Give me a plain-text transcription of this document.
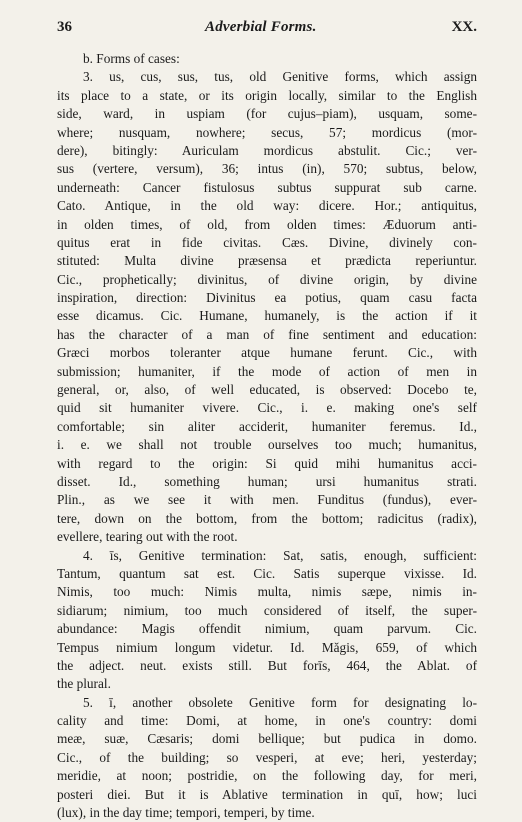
36	Adverbial Forms.	XX.
b. Forms of cases:
3. us, cus, sus, tus, old Genitive forms, which assign
its place to a state, or its origin locally, similar to the English
side, ward, in uspiam (for cujus–piam), usquam, some-
where; nusquam, nowhere; secus, 57; mordicus (mor-
dere), bitingly: Auriculam mordicus abstulit. Cic.; ver-
sus (vertere, versum), 36; intus (in), 570; subtus, below,
underneath: Cancer fistulosus subtus suppurat sub carne.
Cato. Antique, in the old way: dicere. Hor.; antiquitus,
in olden times, of old, from olden times: Æduorum anti-
quitus erat in fide civitas. Cæs. Divine, divinely con-
stituted: Multa divine præsensa et prædicta reperiuntur.
Cic., prophetically; divinitus, of divine origin, by divine
inspiration, direction: Divinitus ea potius, quam casu facta
esse dicamus. Cic. Humane, humanely, is the action if it
has the character of a man of fine sentiment and education:
Græci morbos toleranter atque humane ferunt. Cic., with
submission; humaniter, if the mode of action of men in
general, or, also, of well educated, is observed: Docebo te,
quid sit humaniter vivere. Cic., i. e. making one's self
comfortable; sin aliter acciderit, humaniter feremus. Id.,
i. e. we shall not trouble ourselves too much; humanitus,
with regard to the origin: Si quid mihi humanitus acci-
disset. Id., something human; ursi humanitus strati.
Plin., as we see it with men. Funditus (fundus), ever-
tere, down on the bottom, from the bottom; radicitus (radix),
evellere, tearing out with the root.
4. īs, Genitive termination: Sat, satis, enough, sufficient:
Tantum, quantum sat est. Cic. Satis superque vixisse. Id.
Nimis, too much: Nimis multa, nimis sæpe, nimis in-
sidiarum; nimium, too much considered of itself, the super-
abundance: Magis offendit nimium, quam parvum. Cic.
Tempus nimium longum videtur. Id. Măgis, 659, of which
the adject. neut. exists still. But forīs, 464, the Ablat. of
the plural.
5. ī, another obsolete Genitive form for designating lo-
cality and time: Domi, at home, in one's country: domi
meæ, suæ, Cæsaris; domi bellique; but pudica in domo.
Cic., of the building; so vesperi, at eve; heri, yesterday;
meridie, at noon; postridie, on the following day, for meri,
posteri diei. But it is Ablative termination in quī, how; luci
(lux), in the day time; tempori, temperi, by time.
